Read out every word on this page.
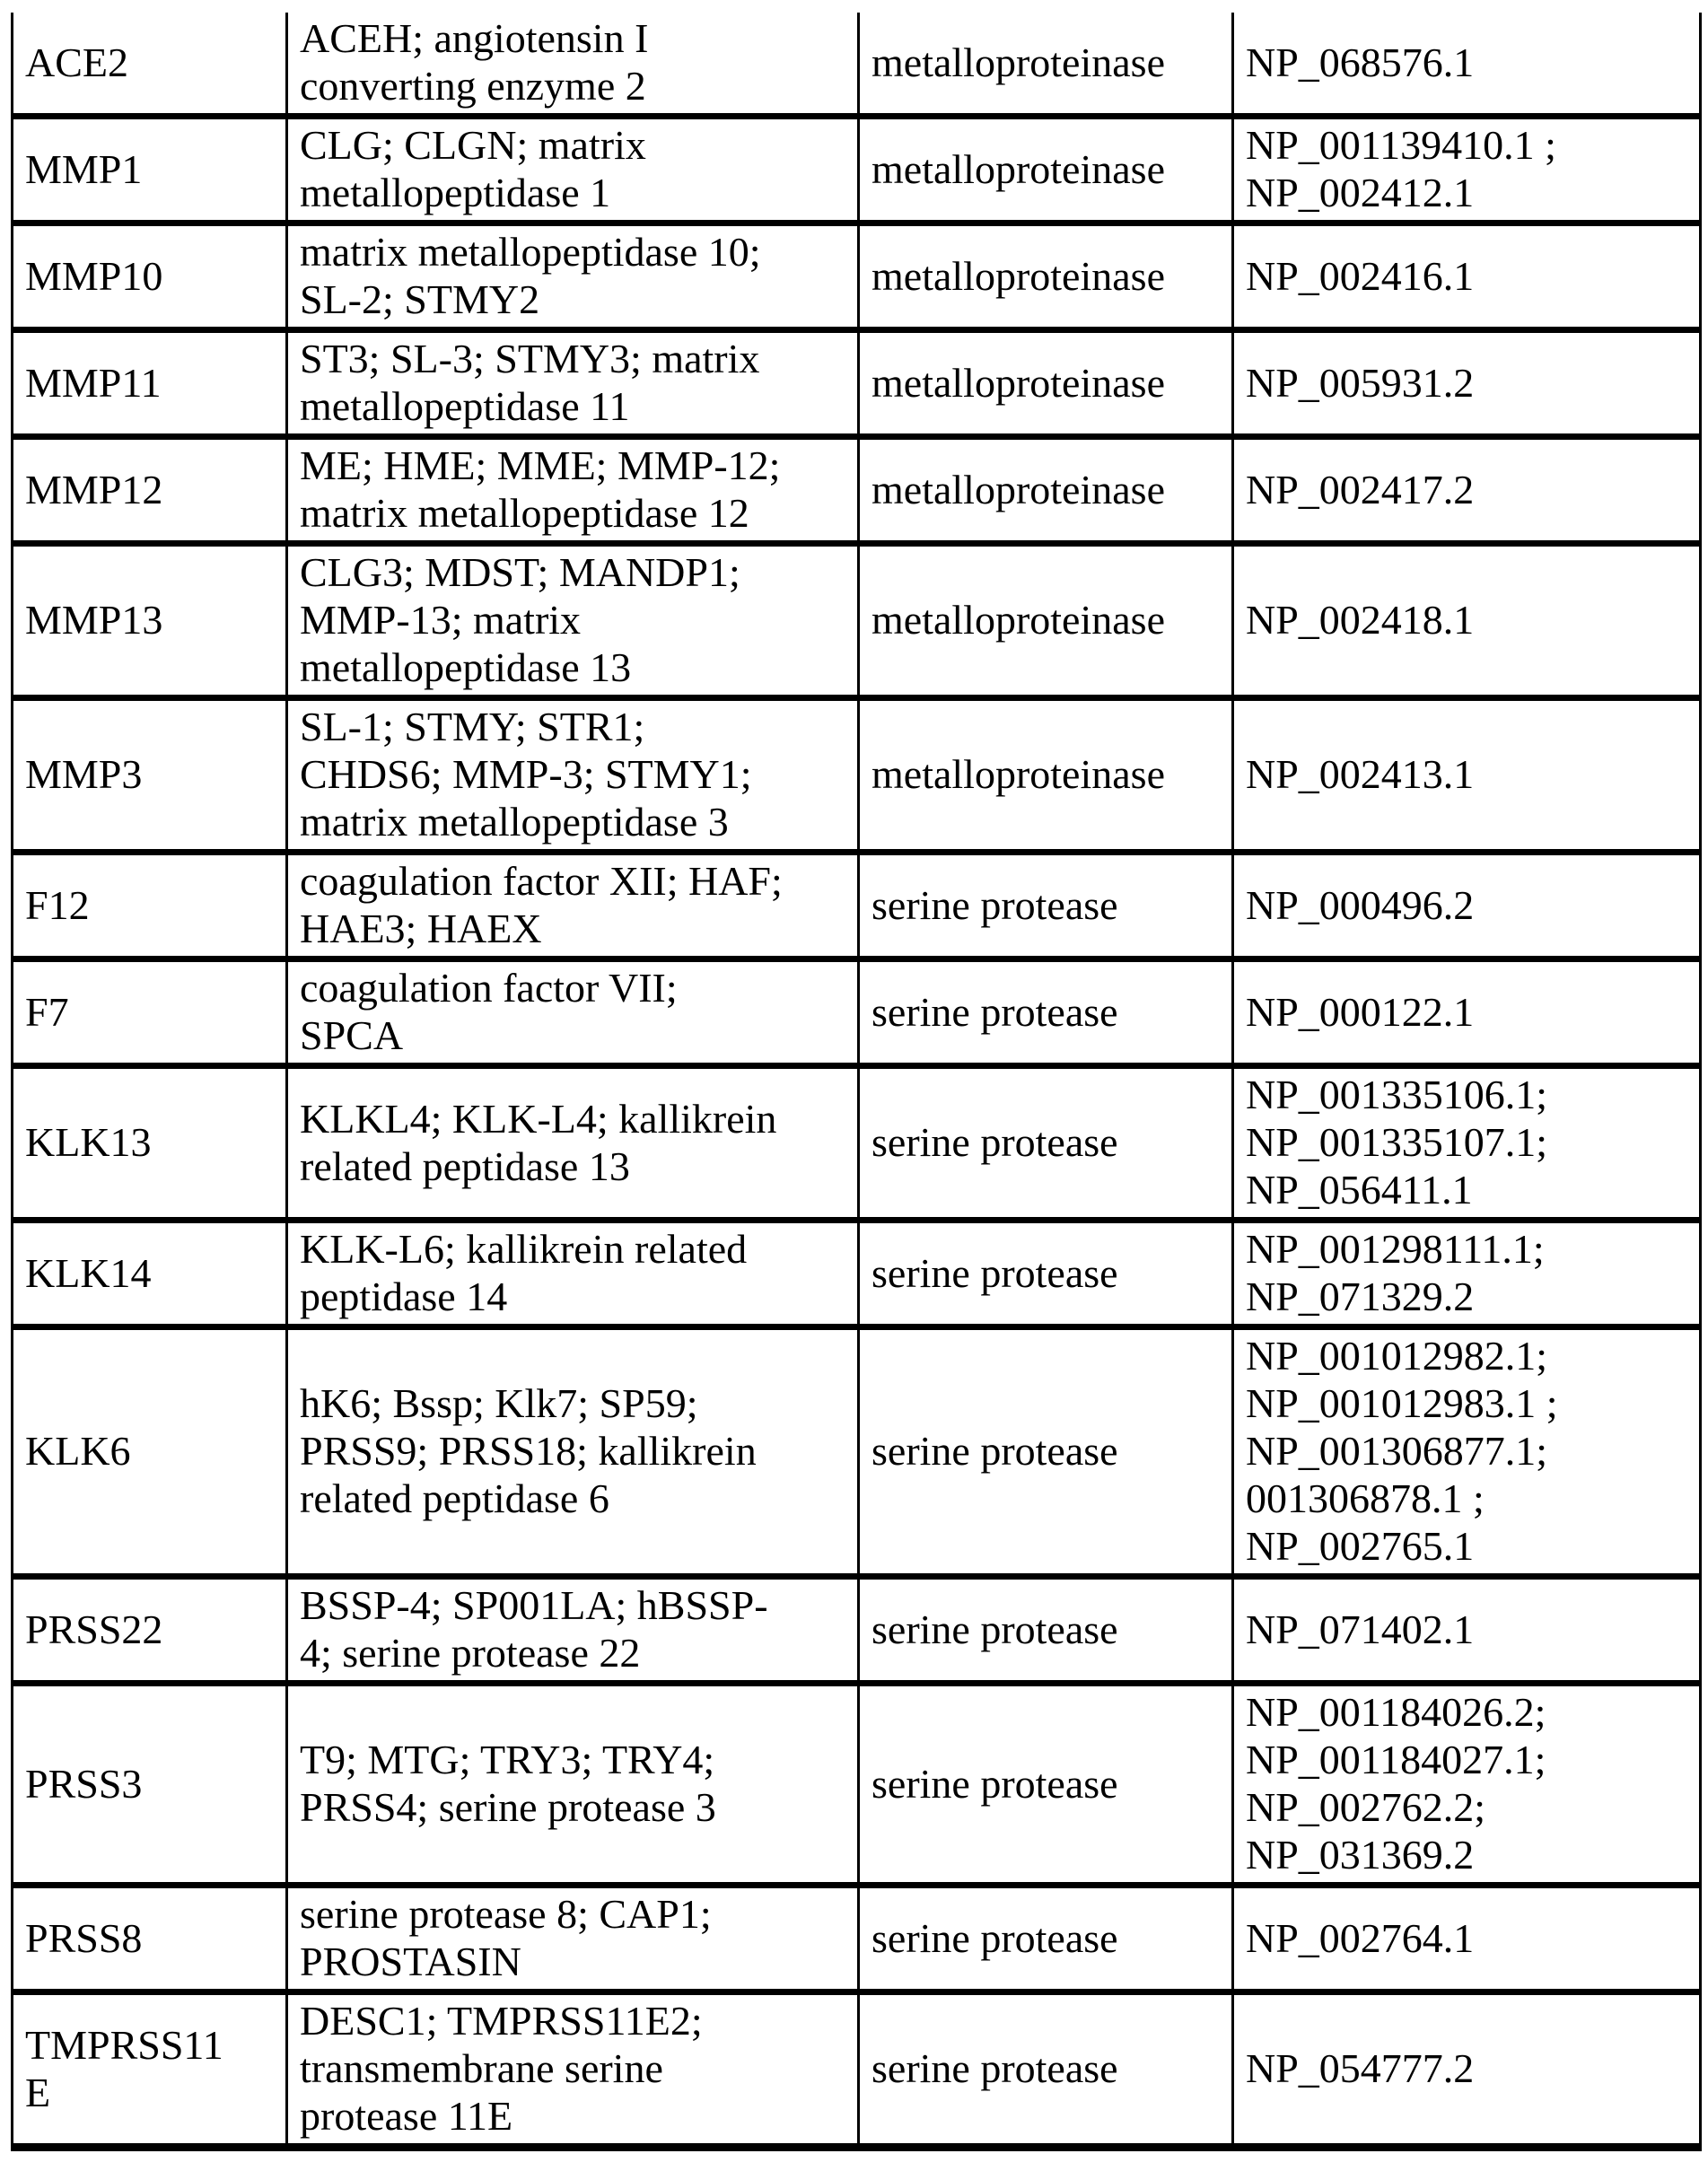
ACE2	ACEH; angiotensin I
converting enzyme 2	metalloproteinase	NP_068576.1
MMP1	CLG; CLGN; matrix
metallopeptidase 1	metalloproteinase	NP_001139410.1 ;
NP_002412.1
MMP10	matrix metallopeptidase 10;
SL-2; STMY2	metalloproteinase	NP_002416.1
MMP11	ST3; SL-3; STMY3; matrix
metallopeptidase 11	metalloproteinase	NP_005931.2
MMP12	ME; HME; MME; MMP-12;
matrix metallopeptidase 12	metalloproteinase	NP_002417.2
MMP13	CLG3; MDST; MANDP1;
MMP-13; matrix
metallopeptidase 13	metalloproteinase	NP_002418.1
MMP3	SL-1; STMY; STR1;
CHDS6; MMP-3; STMY1;
matrix metallopeptidase 3	metalloproteinase	NP_002413.1
F12	coagulation factor XII; HAF;
HAE3; HAEX	serine protease	NP_000496.2
F7	coagulation factor VII;
SPCA	serine protease	NP_000122.1
KLK13	KLKL4; KLK-L4; kallikrein
related peptidase 13	serine protease	NP_001335106.1;
NP_001335107.1;
NP_056411.1
KLK14	KLK-L6; kallikrein related
peptidase 14	serine protease	NP_001298111.1;
NP_071329.2
KLK6	hK6; Bssp; Klk7; SP59;
PRSS9; PRSS18; kallikrein
related peptidase 6	serine protease	NP_001012982.1;
NP_001012983.1 ;
NP_001306877.1;
001306878.1 ;
NP_002765.1
PRSS22	BSSP-4; SP001LA; hBSSP-
4; serine protease 22	serine protease	NP_071402.1
PRSS3	T9; MTG; TRY3; TRY4;
PRSS4; serine protease 3	serine protease	NP_001184026.2;
NP_001184027.1;
NP_002762.2;
NP_031369.2
PRSS8	serine protease 8; CAP1;
PROSTASIN	serine protease	NP_002764.1
TMPRSS11
E	DESC1; TMPRSS11E2;
transmembrane serine
protease 11E	serine protease	NP_054777.2
